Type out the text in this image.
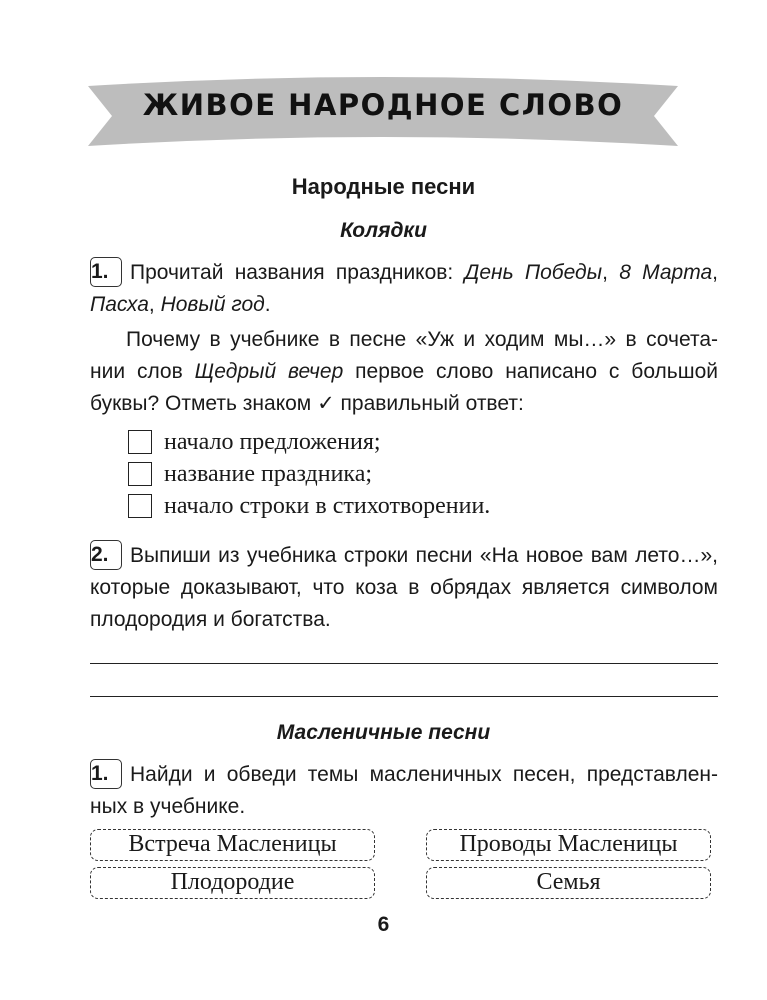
ЖИВОЕ НАРОДНОЕ СЛОВО
Народные песни
Колядки
1. Прочитай названия праздников: День Победы, 8 Марта,
Пасха, Новый год.
Почему в учебнике в песне «Уж и ходим мы…» в сочета-
нии слов Щедрый вечер первое слово написано с большой
буквы? Отметь знаком ✓ правильный ответ:
начало предложения;
название праздника;
начало строки в стихотворении.
2. Выпиши из учебника строки песни «На новое вам лето…»,
которые доказывают, что коза в обрядах является символом
плодородия и богатства.
Масленичные песни
1. Найди и обведи темы масленичных песен, представлен-
ных в учебнике.
Встреча Масленицы	Проводы Масленицы
Плодородие	Семья
6
